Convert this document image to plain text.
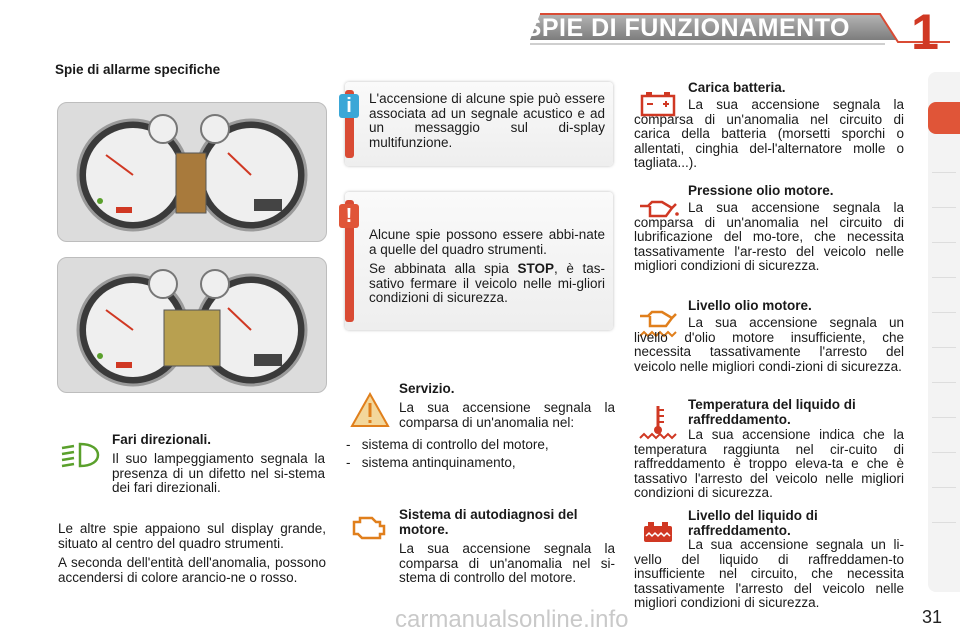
SPIE DI FUNZIONAMENTO	1
Spie di allarme specifiche
Fari direzionali.

Il suo lampeggiamento segnala la presenza di un difetto nel si-stema dei fari direzionali.

Le altre spie appaiono sul display grande, situato al centro del quadro strumenti.

A seconda dell'entità dell'anomalia, possono accendersi di colore arancio-ne o rosso.

i	L'accensione di alcune spie può essere associata ad un segnale acustico e ad un messaggio sul di-splay multifunzione.

!

Alcune spie possono essere abbi-nate a quelle del quadro strumenti.

Se abbinata alla spia STOP, è tas-sativo fermare il veicolo nelle mi-gliori condizioni di sicurezza.

Servizio.

La sua accensione segnala la comparsa di un'anomalia nel:

-   sistema di controllo del motore,
-   sistema antinquinamento,
Sistema di autodiagnosi del motore.

La sua accensione segnala la comparsa di un'anomalia nel si-stema di controllo del motore.

Carica batteria.

La sua accensione segnala la comparsa di un'anomalia nel circuito di carica della batteria (morsetti sporchi o allentati, cinghia del-l'alternatore molle o tagliata...).

Pressione olio motore.

La sua accensione segnala la comparsa di un'anomalia nel circuito di lubrificazione del mo-tore, che necessita tassativamente l'ar-resto del veicolo nelle migliori condizioni di sicurezza.

Livello olio motore.

La sua accensione segnala un livello d'olio motore insufficiente, che necessita tassativamente l'arresto del veicolo nelle migliori condi-zioni di sicurezza.

Temperatura del liquido di raffreddamento.

La sua accensione indica che la temperatura raggiunta nel cir-cuito di raffreddamento è troppo eleva-ta e che è tassativo l'arresto del veicolo nelle migliori condizioni di sicurezza.

Livello del liquido di raffreddamento.

La sua accensione segnala un li-vello del liquido di raffreddamen-to insufficiente nel circuito, che necessita tassativamente l'arresto del veicolo nelle migliori condizioni di sicurezza.

carmanualsonline.info	31
